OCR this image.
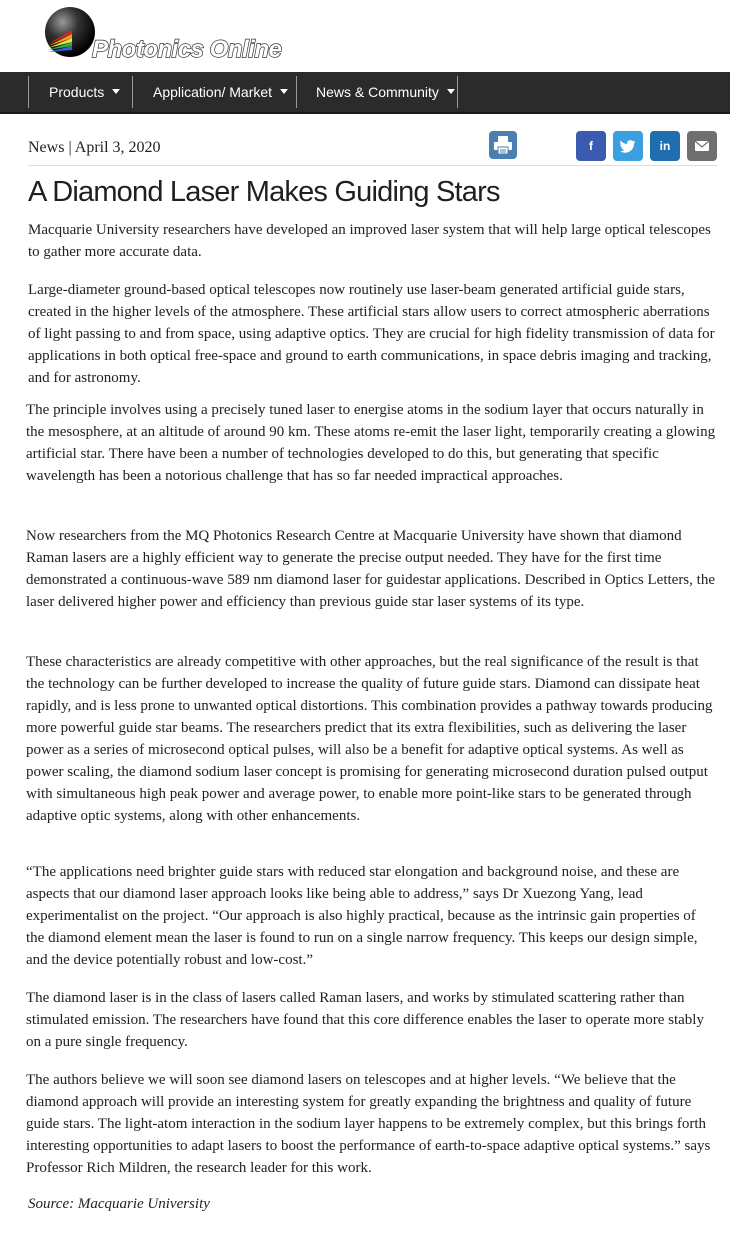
Photonics Online
Products	Application/ Market	News & Community
News | April 3, 2020	f	in
A Diamond Laser Makes Guiding Stars

Macquarie University researchers have developed an improved laser system that will help large optical telescopes to gather more accurate data.

Large-diameter ground-based optical telescopes now routinely use laser-beam generated artificial guide stars, created in the higher levels of the atmosphere. These artificial stars allow users to correct atmospheric aberrations of light passing to and from space, using adaptive optics. They are crucial for high fidelity transmission of data for applications in both optical free-space and ground to earth communications, in space debris imaging and tracking, and for astronomy.

The principle involves using a precisely tuned laser to energise atoms in the sodium layer that occurs naturally in the mesosphere, at an altitude of around 90 km. These atoms re-emit the laser light, temporarily creating a glowing artificial star. There have been a number of technologies developed to do this, but generating that specific wavelength has been a notorious challenge that has so far needed impractical approaches.

Now researchers from the MQ Photonics Research Centre at Macquarie University have shown that diamond Raman lasers are a highly efficient way to generate the precise output needed. They have for the first time demonstrated a continuous-wave 589 nm diamond laser for guidestar applications. Described in Optics Letters, the laser delivered higher power and efficiency than previous guide star laser systems of its type.

These characteristics are already competitive with other approaches, but the real significance of the result is that the technology can be further developed to increase the quality of future guide stars. Diamond can dissipate heat rapidly, and is less prone to unwanted optical distortions. This combination provides a pathway towards producing more powerful guide star beams. The researchers predict that its extra flexibilities, such as delivering the laser power as a series of microsecond optical pulses, will also be a benefit for adaptive optical systems. As well as power scaling, the diamond sodium laser concept is promising for generating microsecond duration pulsed output with simultaneous high peak power and average power, to enable more point-like stars to be generated through adaptive optic systems, along with other enhancements.

“The applications need brighter guide stars with reduced star elongation and background noise, and these are aspects that our diamond laser approach looks like being able to address,” says Dr Xuezong Yang, lead experimentalist on the project. “Our approach is also highly practical, because as the intrinsic gain properties of the diamond element mean the laser is found to run on a single narrow frequency. This keeps our design simple, and the device potentially robust and low-cost.”

The diamond laser is in the class of lasers called Raman lasers, and works by stimulated scattering rather than stimulated emission. The researchers have found that this core difference enables the laser to operate more stably on a pure single frequency.

The authors believe we will soon see diamond lasers on telescopes and at higher levels. “We believe that the diamond approach will provide an interesting system for greatly expanding the brightness and quality of future guide stars. The light-atom interaction in the sodium layer happens to be extremely complex, but this brings forth interesting opportunities to adapt lasers to boost the performance of earth-to-space adaptive optical systems.” says Professor Rich Mildren, the research leader for this work.

Source: Macquarie University
